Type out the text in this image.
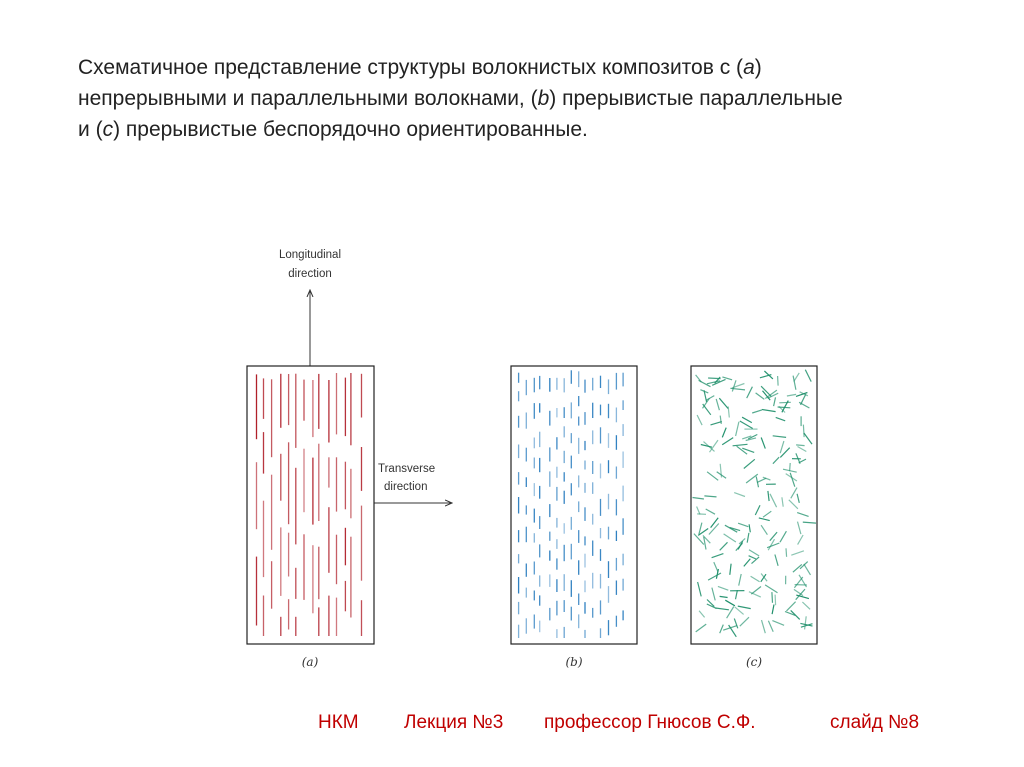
Схематичное представление структуры волокнистых композитов с (a)
непрерывными и параллельными волокнами, (b) прерывистые параллельные
и (c) прерывистые беспорядочно ориентированные.
Longitudinal
direction
Transverse
direction
(a)	(b)	(c)
НКМ Лекция №3 профессор Гнюсов С.Ф.	слайд №8
